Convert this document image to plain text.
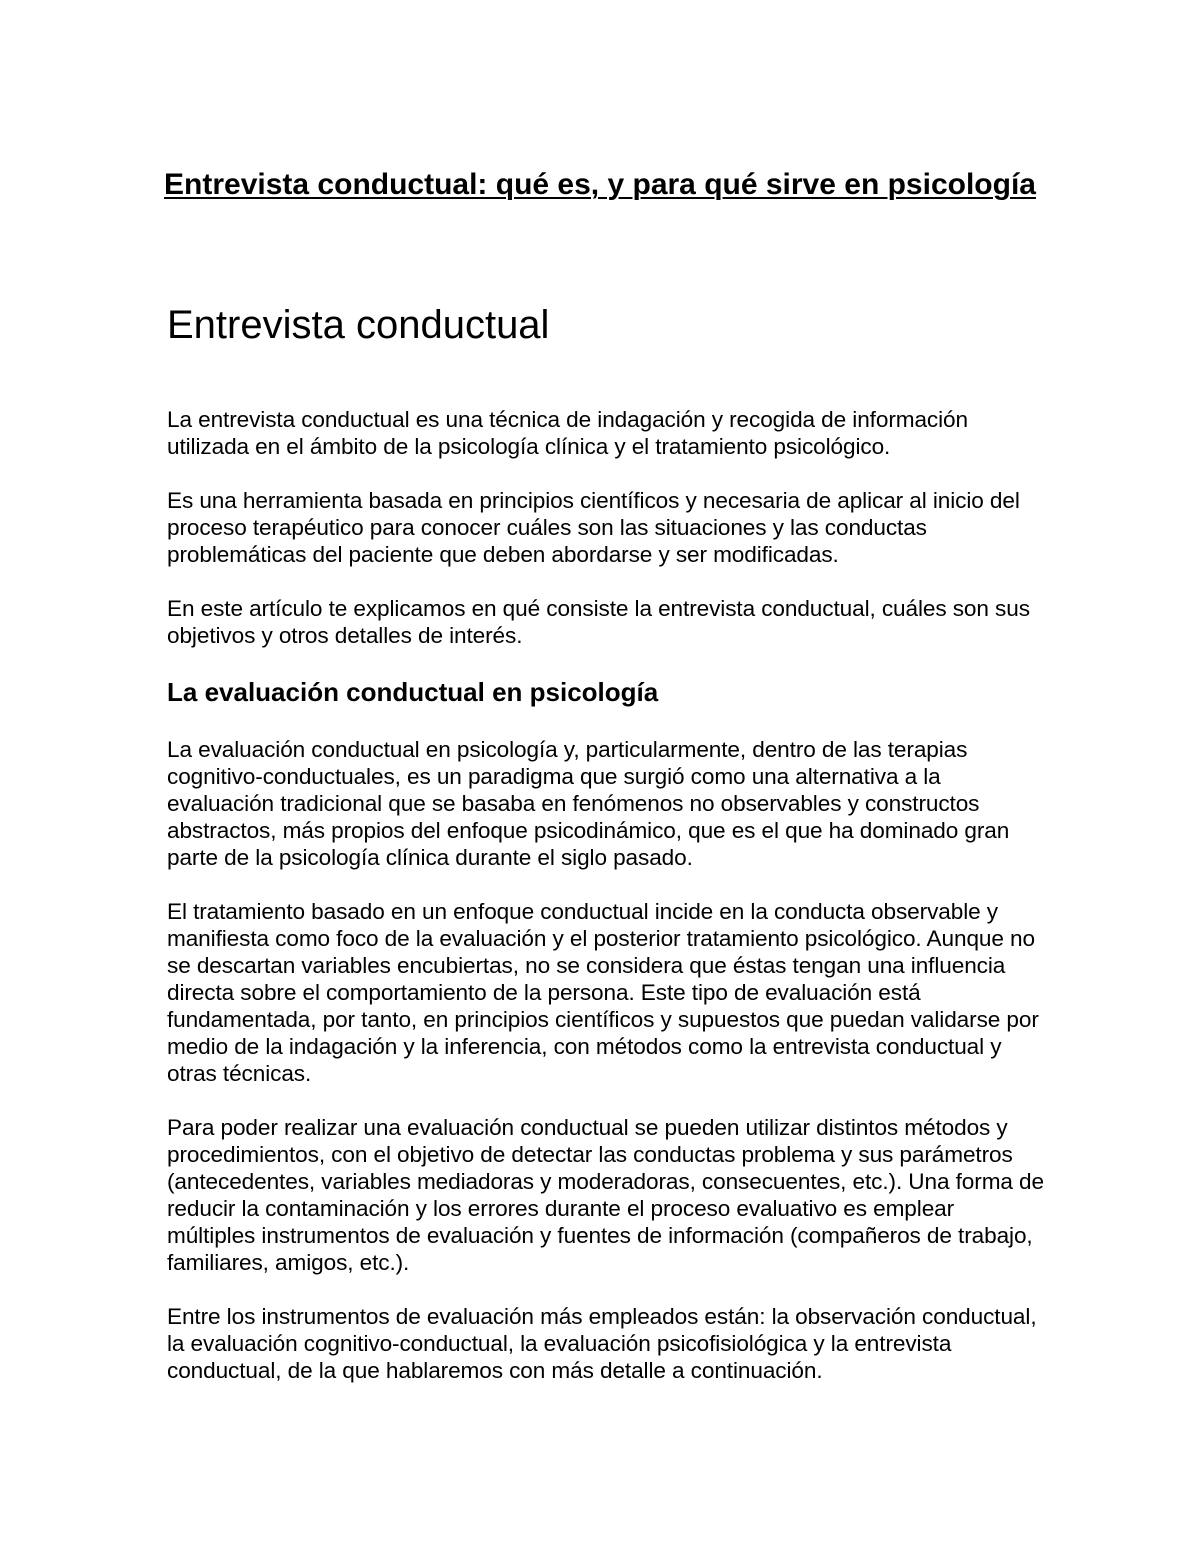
Entrevista conductual: qué es, y para qué sirve en psicología
Entrevista conductual

La entrevista conductual es una técnica de indagación y recogida de información utilizada en el ámbito de la psicología clínica y el tratamiento psicológico.

Es una herramienta basada en principios científicos y necesaria de aplicar al inicio del proceso terapéutico para conocer cuáles son las situaciones y las conductas problemáticas del paciente que deben abordarse y ser modificadas.

En este artículo te explicamos en qué consiste la entrevista conductual, cuáles son sus objetivos y otros detalles de interés.

La evaluación conductual en psicología

La evaluación conductual en psicología y, particularmente, dentro de las terapias cognitivo-conductuales, es un paradigma que surgió como una alternativa a la evaluación tradicional que se basaba en fenómenos no observables y constructos abstractos, más propios del enfoque psicodinámico, que es el que ha dominado gran parte de la psicología clínica durante el siglo pasado.

El tratamiento basado en un enfoque conductual incide en la conducta observable y manifiesta como foco de la evaluación y el posterior tratamiento psicológico. Aunque no se descartan variables encubiertas, no se considera que éstas tengan una influencia directa sobre el comportamiento de la persona. Este tipo de evaluación está fundamentada, por tanto, en principios científicos y supuestos que puedan validarse por medio de la indagación y la inferencia, con métodos como la entrevista conductual y otras técnicas.

Para poder realizar una evaluación conductual se pueden utilizar distintos métodos y procedimientos, con el objetivo de detectar las conductas problema y sus parámetros (antecedentes, variables mediadoras y moderadoras, consecuentes, etc.). Una forma de reducir la contaminación y los errores durante el proceso evaluativo es emplear múltiples instrumentos de evaluación y fuentes de información (compañeros de trabajo, familiares, amigos, etc.).

Entre los instrumentos de evaluación más empleados están: la observación conductual, la evaluación cognitivo-conductual, la evaluación psicofisiológica y la entrevista conductual, de la que hablaremos con más detalle a continuación.
